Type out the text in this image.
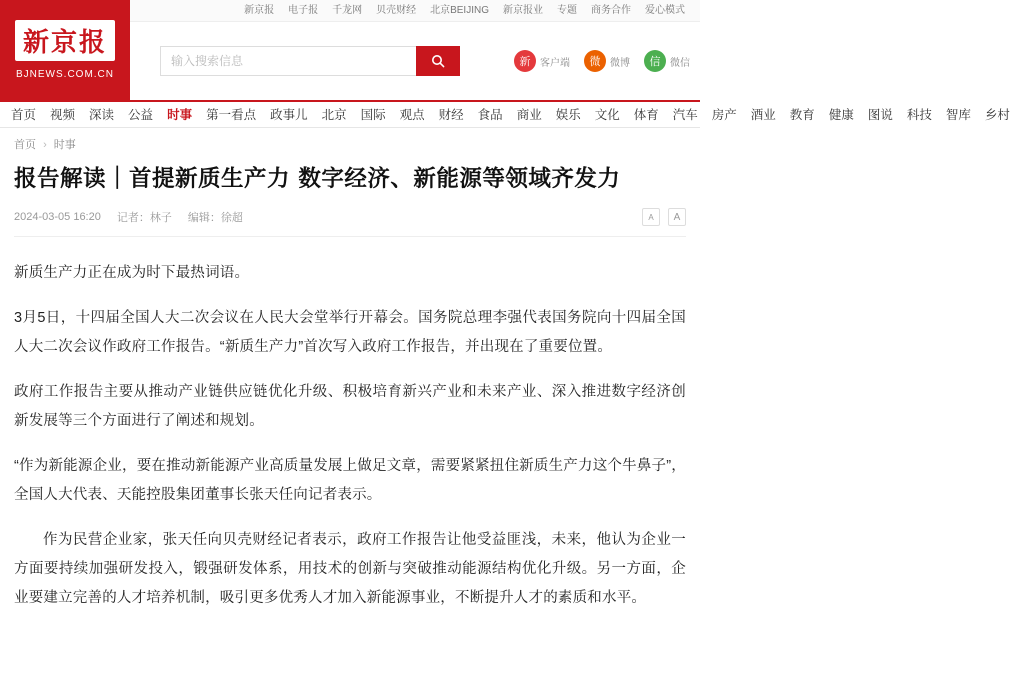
新京报
BJNEWS.COM.CN
新京报	电子报	千龙网	贝壳财经	北京BEIJING	新京报业	专题	商务合作	爱心模式
输入搜索信息
新 客户端	微 微博	信 微信
首页	视频	深读	公益	时事	第一看点	政事儿	北京	国际	观点	财经	食品	商业	娱乐	文化	体育	汽车	房产	酒业	教育	健康	图说	科技	智库	乡村
首页 › 时事
报告解读｜首提新质生产力 数字经济、新能源等领域齐发力
2024-03-05 16:20 记者：林子 编辑：徐超	A	A

新质生产力正在成为时下最热词语。

3月5日，十四届全国人大二次会议在人民大会堂举行开幕会。国务院总理李强代表国务院向十四届全国人大二次会议作政府工作报告。“新质生产力”首次写入政府工作报告，并出现在了重要位置。

政府工作报告主要从推动产业链供应链优化升级、积极培育新兴产业和未来产业、深入推进数字经济创新发展等三个方面进行了阐述和规划。

“作为新能源企业，要在推动新能源产业高质量发展上做足文章，需要紧紧扭住新质生产力这个牛鼻子”，全国人大代表、天能控股集团董事长张天任向记者表示。

作为民营企业家，张天任向贝壳财经记者表示，政府工作报告让他受益匪浅，未来，他认为企业一方面要持续加强研发投入，锻强研发体系，用技术的创新与突破推动能源结构优化升级。另一方面，企业要建立完善的人才培养机制，吸引更多优秀人才加入新能源事业，不断提升人才的素质和水平。
